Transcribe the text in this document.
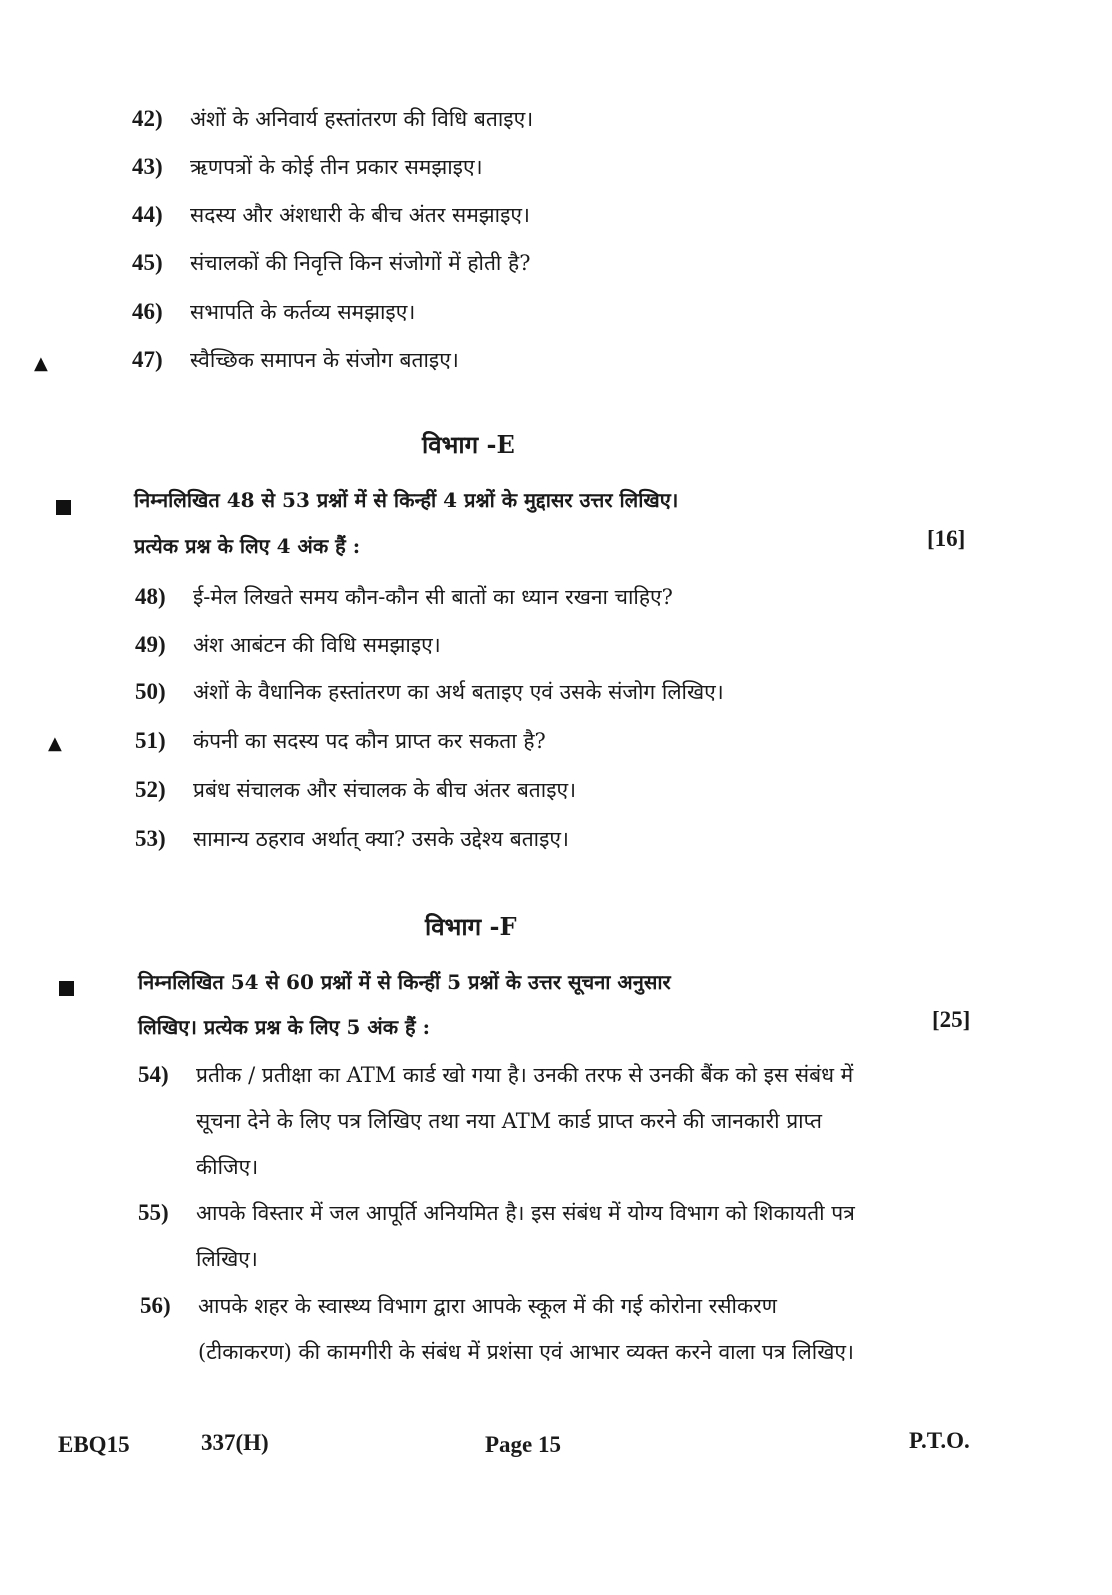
42) अंशों के अनिवार्य हस्तांतरण की विधि बताइए।
43) ऋणपत्रों के कोई तीन प्रकार समझाइए।
44) सदस्य और अंशधारी के बीच अंतर समझाइए।
45) संचालकों की निवृत्ति किन संजोगों में होती है?
46) सभापति के कर्तव्य समझाइए।
47) स्वैच्छिक समापन के संजोग बताइए।
▲
विभाग -E
निम्नलिखित 48 से 53 प्रश्नों में से किन्हीं 4 प्रश्नों के मुद्दासर उत्तर लिखिए।
प्रत्येक प्रश्न के लिए 4 अंक हैं :	[16]
48) ई-मेल लिखते समय कौन-कौन सी बातों का ध्यान रखना चाहिए?
49) अंश आबंटन की विधि समझाइए।
50) अंशों के वैधानिक हस्तांतरण का अर्थ बताइए एवं उसके संजोग लिखिए।
51) कंपनी का सदस्य पद कौन प्राप्त कर सकता है?
▲
52) प्रबंध संचालक और संचालक के बीच अंतर बताइए।
53) सामान्य ठहराव अर्थात् क्या? उसके उद्देश्य बताइए।
विभाग -F
निम्नलिखित 54 से 60 प्रश्नों में से किन्हीं 5 प्रश्नों के उत्तर सूचना अनुसार
लिखिए। प्रत्येक प्रश्न के लिए 5 अंक हैं :	[25]
54) प्रतीक / प्रतीक्षा का ATM कार्ड खो गया है। उनकी तरफ से उनकी बैंक को इस संबंध में सूचना देने के लिए पत्र लिखिए तथा नया ATM कार्ड प्राप्त करने की जानकारी प्राप्त कीजिए।
55) आपके विस्तार में जल आपूर्ति अनियमित है। इस संबंध में योग्य विभाग को शिकायती पत्र लिखिए।
56) आपके शहर के स्वास्थ्य विभाग द्वारा आपके स्कूल में की गई कोरोना रसीकरण (टीकाकरण) की कामगीरी के संबंध में प्रशंसा एवं आभार व्यक्त करने वाला पत्र लिखिए।
EBQ15	337(H)	Page 15	P.T.O.
